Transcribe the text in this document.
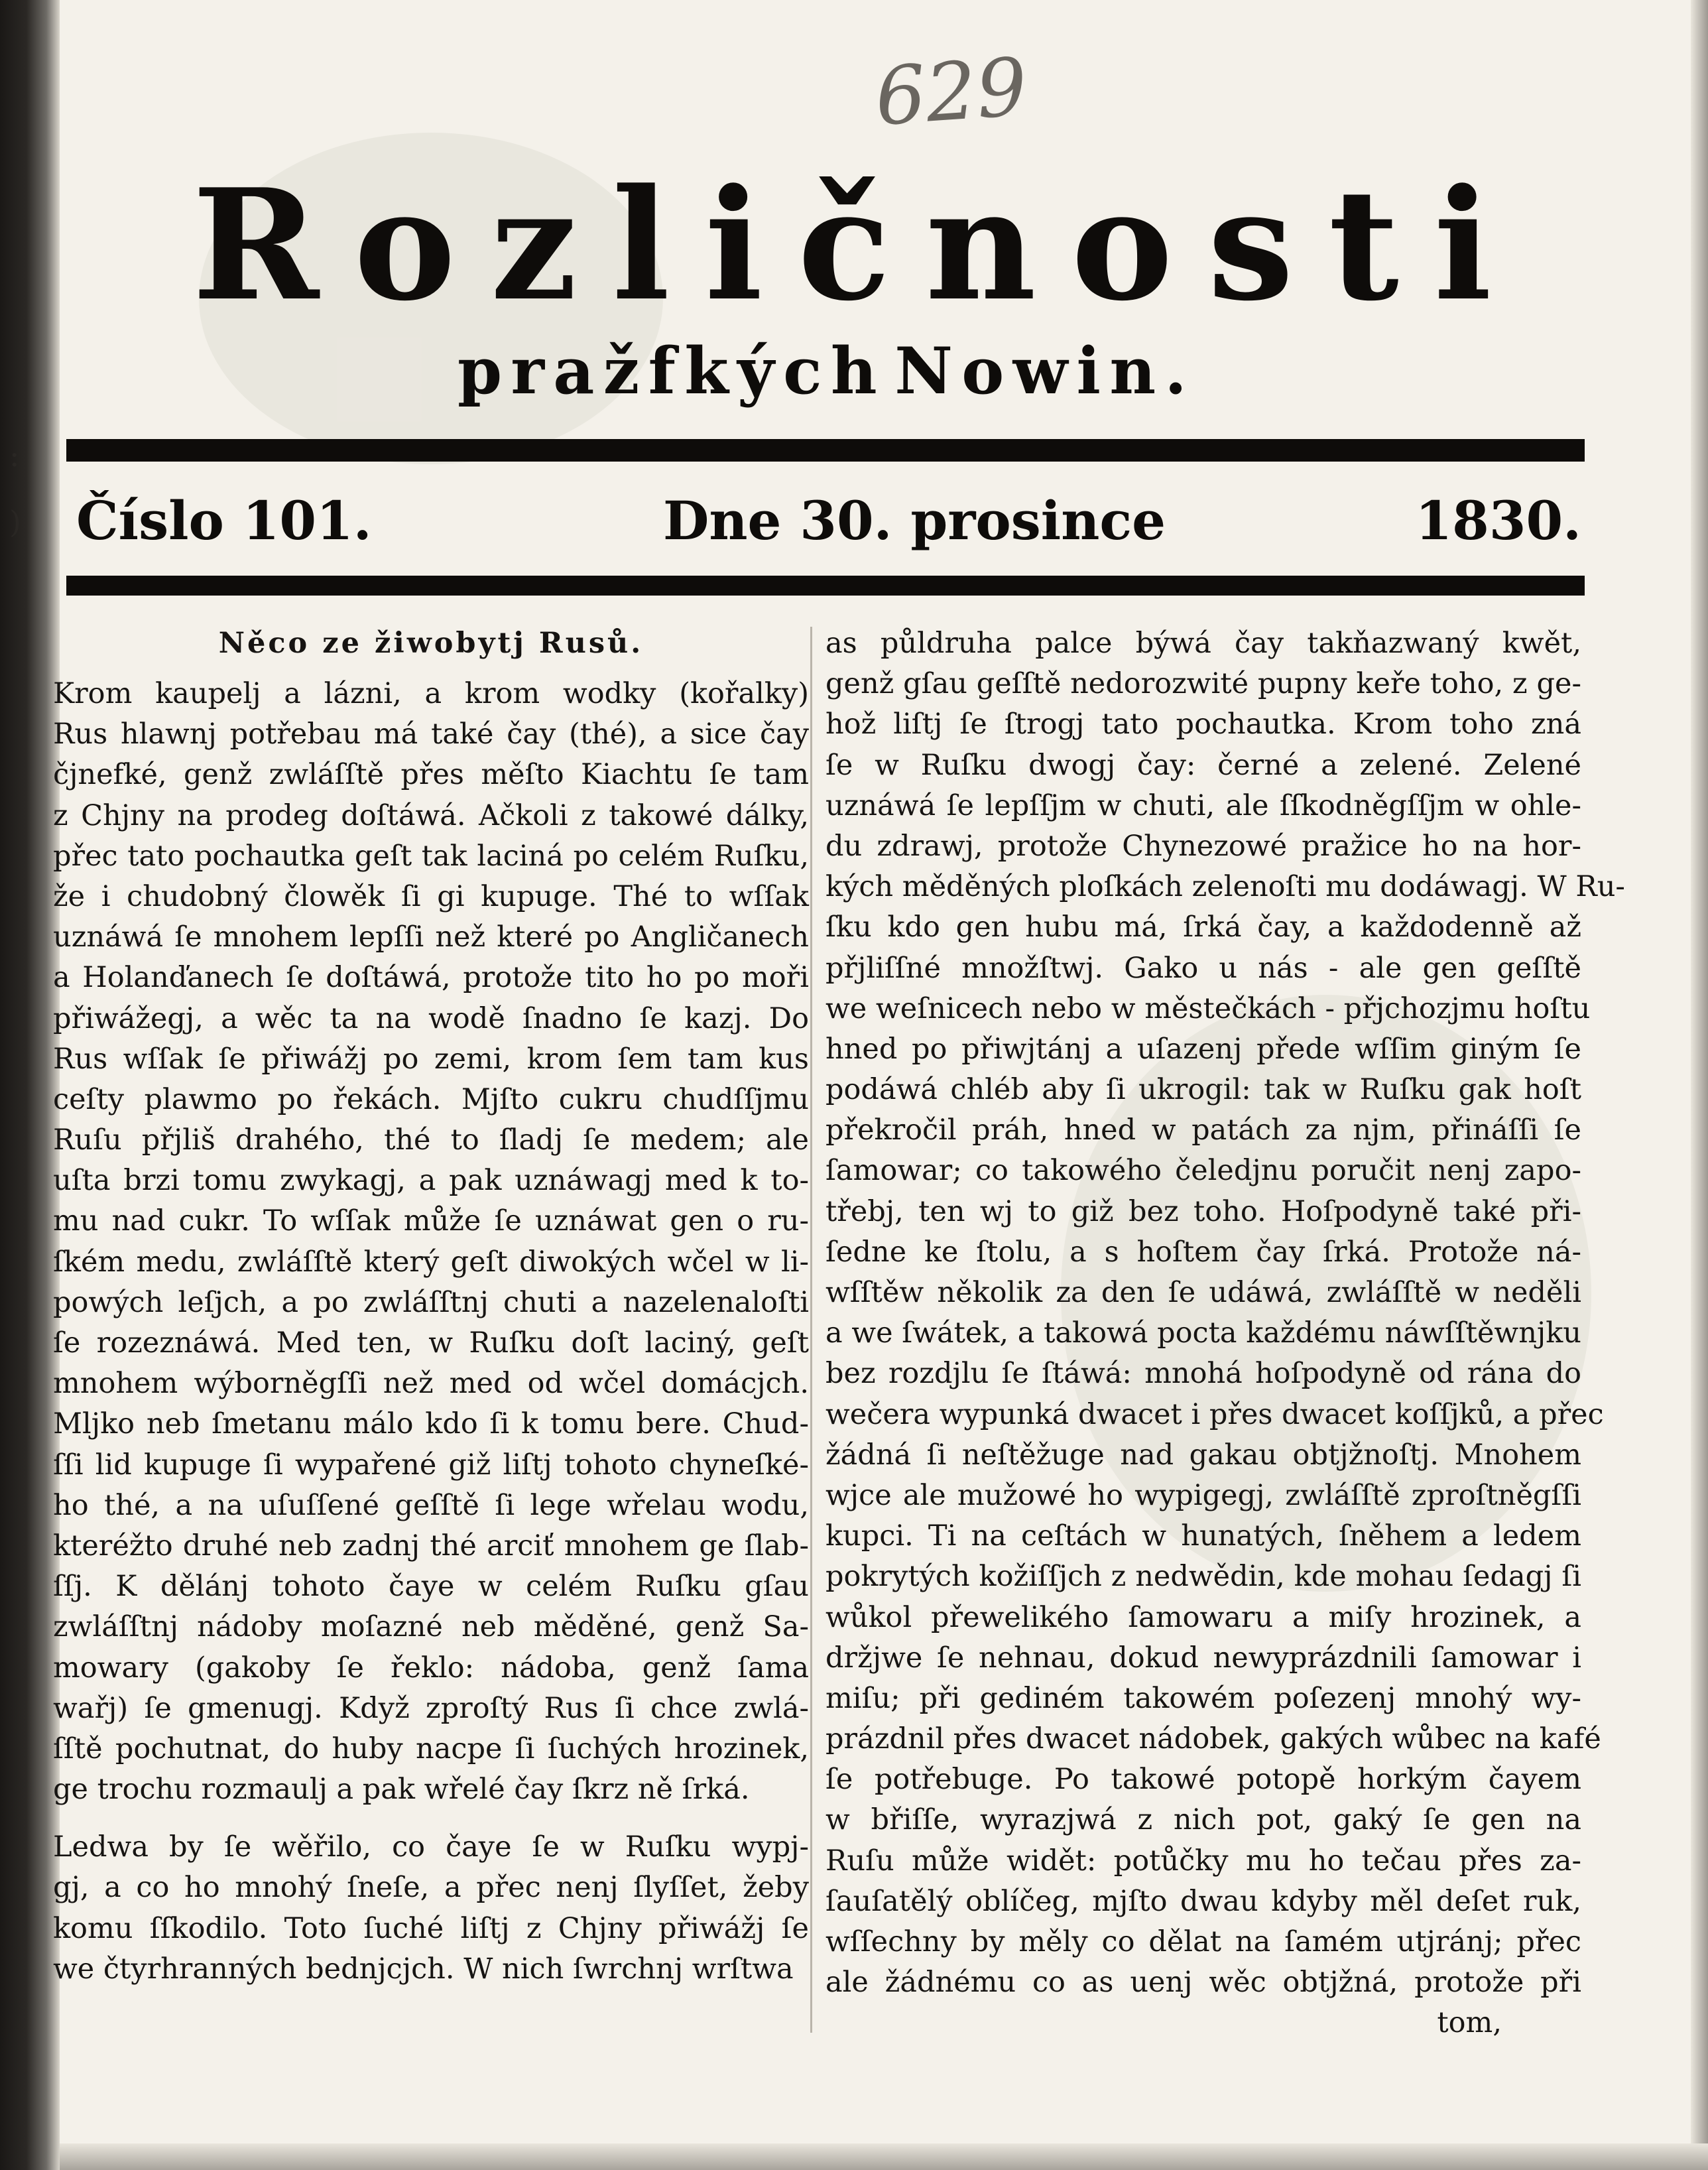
:
)
629
R o z l i č n o s t i
p r a ž f k ý c h N o w i n .
Číslo 101.	Dne 30. prosince	1830.
Něco ze žiwobytj Rusů.
Krom kaupelj a lázni, a krom wodky (kořalky)
Rus hlawnj potřebau má také čay (thé), a sice čay
čjnefké, genž zwláſſtě přes měſto Kiachtu ſe tam
z Chjny na prodeg doſtáwá. Ačkoli z takowé dálky,
přec tato pochautka geſt tak laciná po celém Ruſku,
že i chudobný člowěk ſi gi kupuge. Thé to wſſak
uznáwá ſe mnohem lepſſi než které po Angličanech
a Holanďanech ſe doſtáwá, protože tito ho po moři
přiwážegj, a wěc ta na wodě ſnadno ſe kazj. Do
Rus wſſak ſe přiwážj po zemi, krom ſem tam kus
ceſty plawmo po řekách. Mjſto cukru chudſſjmu
Ruſu přjliš drahého, thé to ſladj ſe medem; ale
uſta brzi tomu zwykagj, a pak uznáwagj med k to-
mu nad cukr. To wſſak může ſe uznáwat gen o ru-
ſkém medu, zwláſſtě který geſt diwokých wčel w li-
powých leſjch, a po zwláſſtnj chuti a nazelenaloſti
ſe rozeznáwá. Med ten, w Ruſku doſt laciný, geſt
mnohem wýborněgſſi než med od wčel domácjch.
Mljko neb ſmetanu málo kdo ſi k tomu bere. Chud-
ſſi lid kupuge ſi wypařené giž liſtj tohoto chyneſké-
ho thé, a na uſuſſené geſſtě ſi lege wřelau wodu,
kteréžto druhé neb zadnj thé arciť mnohem ge ſlab-
ſſj. K dělánj tohoto čaye w celém Ruſku gſau
zwláſſtnj nádoby moſazné neb měděné, genž Sa-
mowary (gakoby ſe řeklo: nádoba, genž ſama
wařj) ſe gmenugj. Když zproſtý Rus ſi chce zwlá-
ſſtě pochutnat, do huby nacpe ſi ſuchých hrozinek,
ge trochu rozmaulj a pak wřelé čay ſkrz ně ſrká.
Ledwa by ſe wěřilo, co čaye ſe w Ruſku wypj-
gj, a co ho mnohý ſneſe, a přec nenj ſlyſſet, žeby
komu ſſkodilo. Toto ſuché liſtj z Chjny přiwážj ſe
we čtyrhranných bednjcjch. W nich ſwrchnj wrſtwa
as půldruha palce býwá čay takňazwaný kwět,
genž gſau geſſtě nedorozwité pupny keře toho, z ge-
hož liſtj ſe ſtrogj tato pochautka. Krom toho zná
ſe w Ruſku dwogj čay: černé a zelené. Zelené
uznáwá ſe lepſſjm w chuti, ale ſſkodněgſſjm w ohle-
du zdrawj, protože Chynezowé pražice ho na hor-
kých měděných ploſkách zelenoſti mu dodáwagj. W Ru-
ſku kdo gen hubu má, ſrká čay, a každodenně až
přjliſſné množſtwj. Gako u nás - ale gen geſſtě
we weſnicech nebo w městečkách - přjchozjmu hoſtu
hned po přiwjtánj a uſazenj přede wſſim giným ſe
podáwá chléb aby ſi ukrogil: tak w Ruſku gak hoſt
překročil práh, hned w patách za njm, přináſſi ſe
ſamowar; co takowého čeledjnu poručit nenj zapo-
třebj, ten wj to giž bez toho. Hoſpodyně také při-
ſedne ke ſtolu, a s hoſtem čay ſrká. Protože ná-
wſſtěw několik za den ſe udáwá, zwláſſtě w neděli
a we ſwátek, a takowá pocta každému náwſſtěwnjku
bez rozdjlu ſe ſtáwá: mnohá hoſpodyně od rána do
wečera wypunká dwacet i přes dwacet koſſjků, a přec
žádná ſi neſtěžuge nad gakau obtjžnoſtj. Mnohem
wjce ale mužowé ho wypigegj, zwláſſtě zproſtněgſſi
kupci. Ti na ceſtách w hunatých, ſněhem a ledem
pokrytých kožiſſjch z nedwědin, kde mohau ſedagj ſi
wůkol přewelikého ſamowaru a miſy hrozinek, a
držjwe ſe nehnau, dokud newyprázdnili ſamowar i
miſu; při gediném takowém poſezenj mnohý wy-
prázdnil přes dwacet nádobek, gakých wůbec na kafé
ſe potřebuge. Po takowé potopě horkým čayem
w břiſſe, wyrazjwá z nich pot, gaký ſe gen na
Ruſu může widět: potůčky mu ho tečau přes za-
ſauſatělý oblíčeg, mjſto dwau kdyby měl deſet ruk,
wſſechny by měly co dělat na ſamém utjránj; přec
ale žádnému co as uenj wěc obtjžná, protože při
tom,
